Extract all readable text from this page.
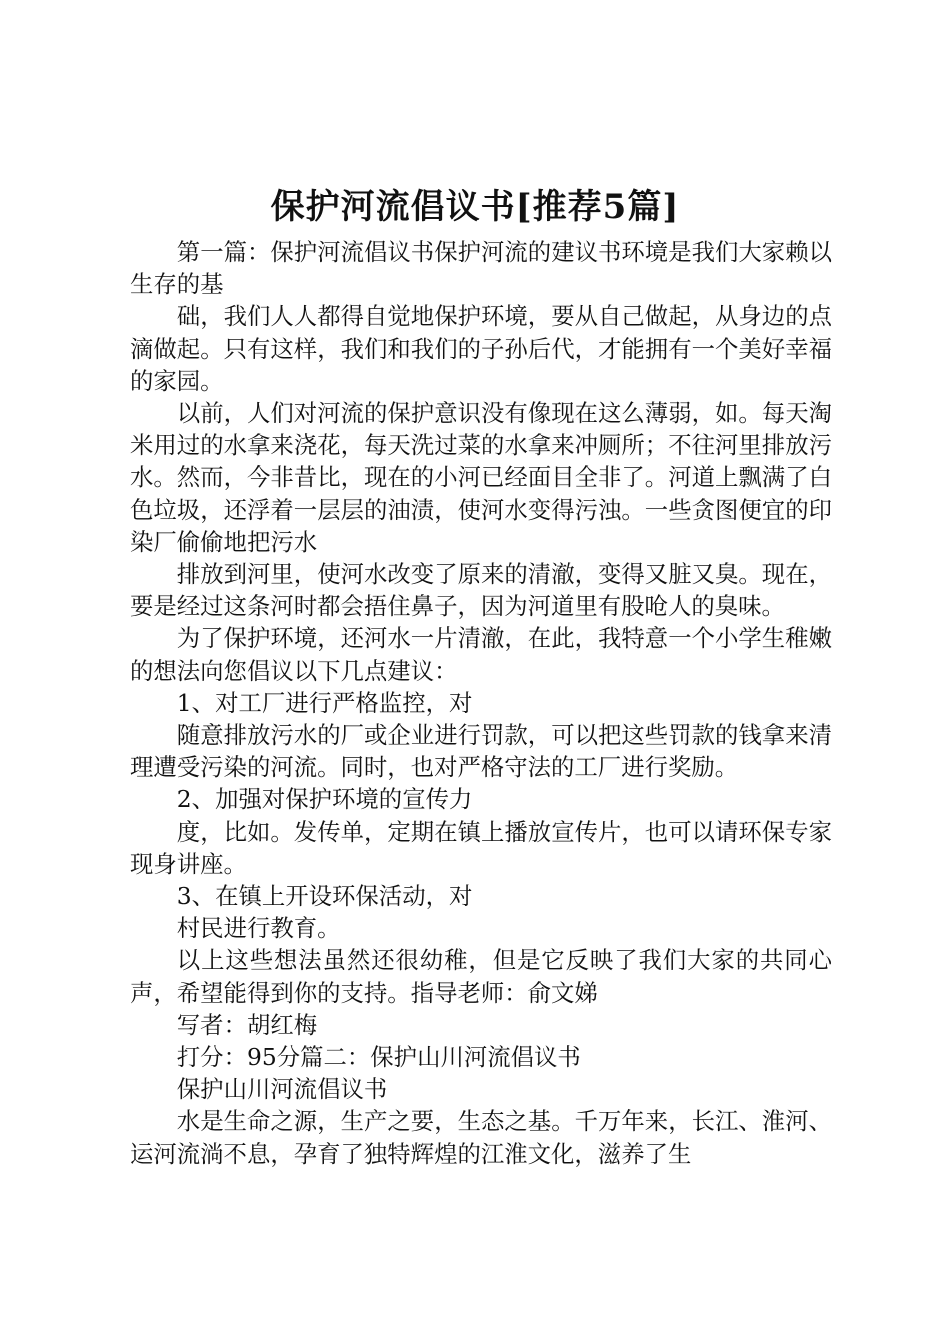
保护河流倡议书[推荐5篇]

第一篇：保护河流倡议书保护河流的建议书环境是我们大家赖以生存的基

础，我们人人都得自觉地保护环境，要从自己做起，从身边的点滴做起。只有这样，我们和我们的子孙后代，才能拥有一个美好幸福的家园。

以前，人们对河流的保护意识没有像现在这么薄弱，如。每天淘米用过的水拿来浇花，每天洗过菜的水拿来冲厕所；不往河里排放污水。然而，今非昔比，现在的小河已经面目全非了。河道上飘满了白色垃圾，还浮着一层层的油渍，使河水变得污浊。一些贪图便宜的印染厂偷偷地把污水

排放到河里，使河水改变了原来的清澈，变得又脏又臭。现在，要是经过这条河时都会捂住鼻子，因为河道里有股呛人的臭味。

为了保护环境，还河水一片清澈，在此，我特意一个小学生稚嫩的想法向您倡议以下几点建议：

1、对工厂进行严格监控，对

随意排放污水的厂或企业进行罚款，可以把这些罚款的钱拿来清理遭受污染的河流。同时，也对严格守法的工厂进行奖励。

2、加强对保护环境的宣传力

度，比如。发传单，定期在镇上播放宣传片，也可以请环保专家现身讲座。

3、在镇上开设环保活动，对

村民进行教育。

以上这些想法虽然还很幼稚，但是它反映了我们大家的共同心声，希望能得到你的支持。指导老师：俞文娣

写者：胡红梅

打分：95分篇二：保护山川河流倡议书

保护山川河流倡议书

水是生命之源，生产之要，生态之基。千万年来，长江、淮河、运河流淌不息，孕育了独特辉煌的江淮文化，滋养了生
